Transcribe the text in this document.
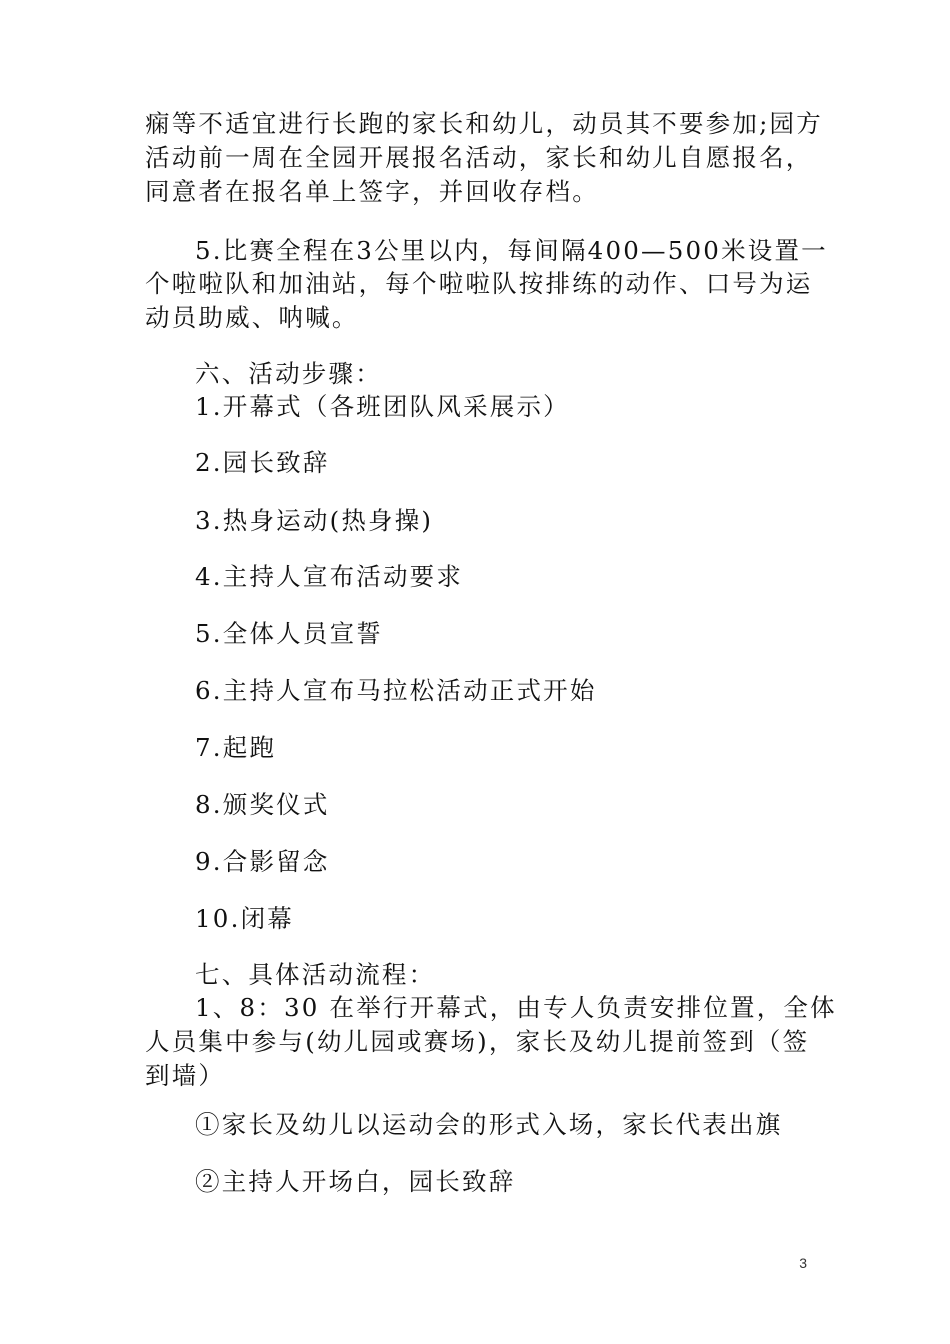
痫等不适宜进行长跑的家长和幼儿，动员其不要参加;园方
活动前一周在全园开展报名活动，家长和幼儿自愿报名，
同意者在报名单上签字，并回收存档。
5.比赛全程在3公里以内，每间隔400—500米设置一
个啦啦队和加油站，每个啦啦队按排练的动作、口号为运
动员助威、呐喊。
六、活动步骤：
1.开幕式（各班团队风采展示）
2.园长致辞
3.热身运动(热身操)
4.主持人宣布活动要求
5.全体人员宣誓
6.主持人宣布马拉松活动正式开始
7.起跑
8.颁奖仪式
9.合影留念
10.闭幕
七、具体活动流程：
1、8：30 在举行开幕式，由专人负责安排位置，全体
人员集中参与(幼儿园或赛场)，家长及幼儿提前签到（签
到墙）
①家长及幼儿以运动会的形式入场，家长代表出旗
②主持人开场白，园长致辞
3
